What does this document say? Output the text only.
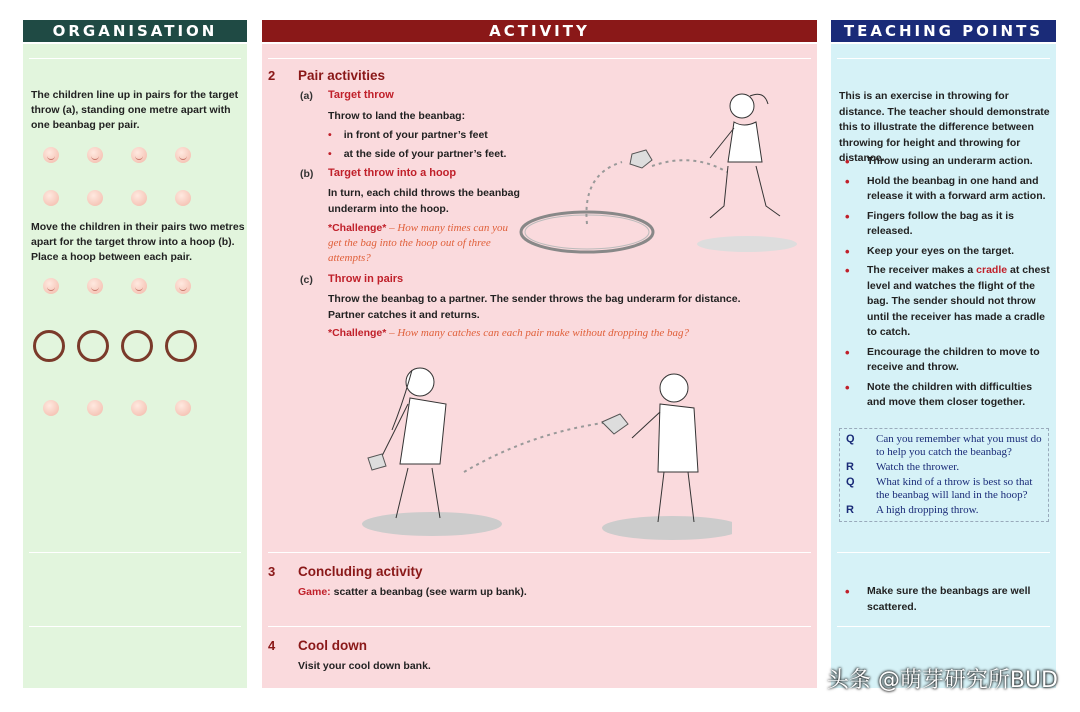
ORGANISATION
The children line up in pairs for the target throw (a), standing one metre apart with one beanbag per pair.
Move the children in their pairs two metres apart for the target throw into a hoop (b). Place a hoop between each pair.
ACTIVITY
2 Pair activities
(a) Target throw
Throw to land the beanbag:
• in front of your partner’s feet
• at the side of your partner’s feet.
(b) Target throw into a hoop
In turn, each child throws the beanbag underarm into the hoop.
*Challenge* – How many times can you get the bag into the hoop out of three attempts?
(c) Throw in pairs
Throw the beanbag to a partner. The sender throws the bag underarm for distance. Partner catches it and returns.
*Challenge* – How many catches can each pair make without dropping the bag?
3 Concluding activity
Game: scatter a beanbag (see warm up bank).
4 Cool down
Visit your cool down bank.
TEACHING POINTS
This is an exercise in throwing for distance. The teacher should demonstrate this to illustrate the difference between throwing for height and throwing for distance.
• Throw using an underarm action.
• Hold the beanbag in one hand and release it with a forward arm action.
• Fingers follow the bag as it is released.
• Keep your eyes on the target.
• The receiver makes a cradle at chest level and watches the flight of the bag. The sender should not throw until the receiver has made a cradle to catch.
• Encourage the children to move to receive and throw.
• Note the children with difficulties and move them closer together.
Q Can you remember what you must do to help you catch the beanbag?
R Watch the thrower.
Q What kind of a throw is best so that the beanbag will land in the hoop?
R A high dropping throw.
• Make sure the beanbags are well scattered.
头条 @萌芽研究所BUD
